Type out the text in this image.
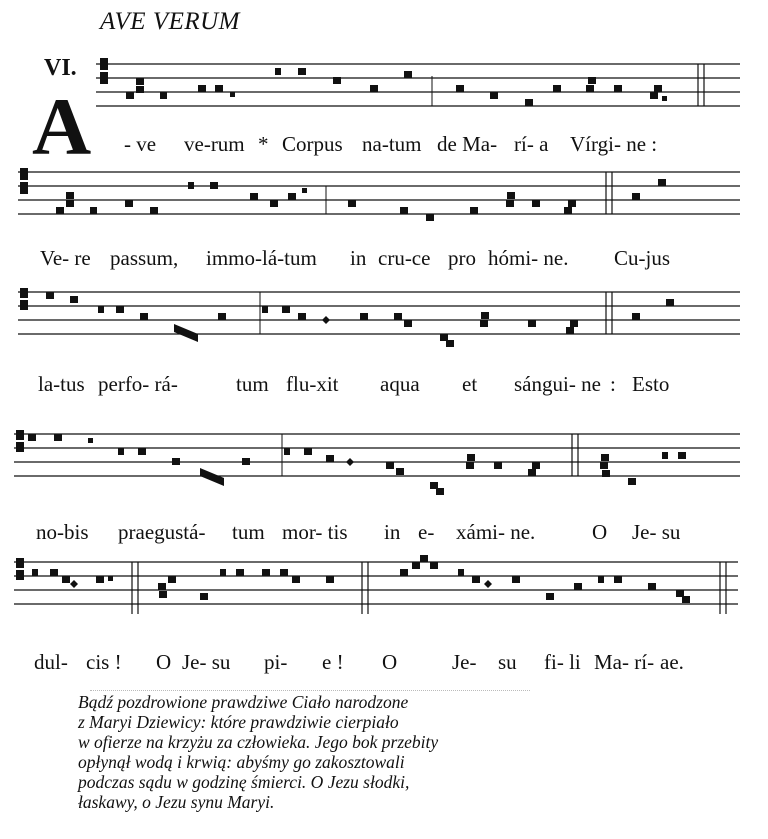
AVE VERUM
VI.
A - ve ve-rum * Corpus na-tum de Ma- rí- a Vírgi- ne :
Ve- re passum, immo-lá-tum in cru-ce pro hómi- ne. Cu-jus
la-tus perfo- rá-	tum flu-xit aqua et sángui- ne : Esto
no-bis praegustá- tum mor- tis in e- xámi- ne.	O Je- su
dul- cis ! O Je- su pi- e ! O	Je- su fi- li Ma- rí- ae.
Bądź pozdrowione prawdziwe Ciało narodzone
z Maryi Dziewicy: które prawdziwie cierpiało
w ofierze na krzyżu za człowieka. Jego bok przebity
opłynął wodą i krwią: abyśmy go zakosztowali
podczas sądu w godzinę śmierci. O Jezu słodki,
łaskawy, o Jezu synu Maryi.
